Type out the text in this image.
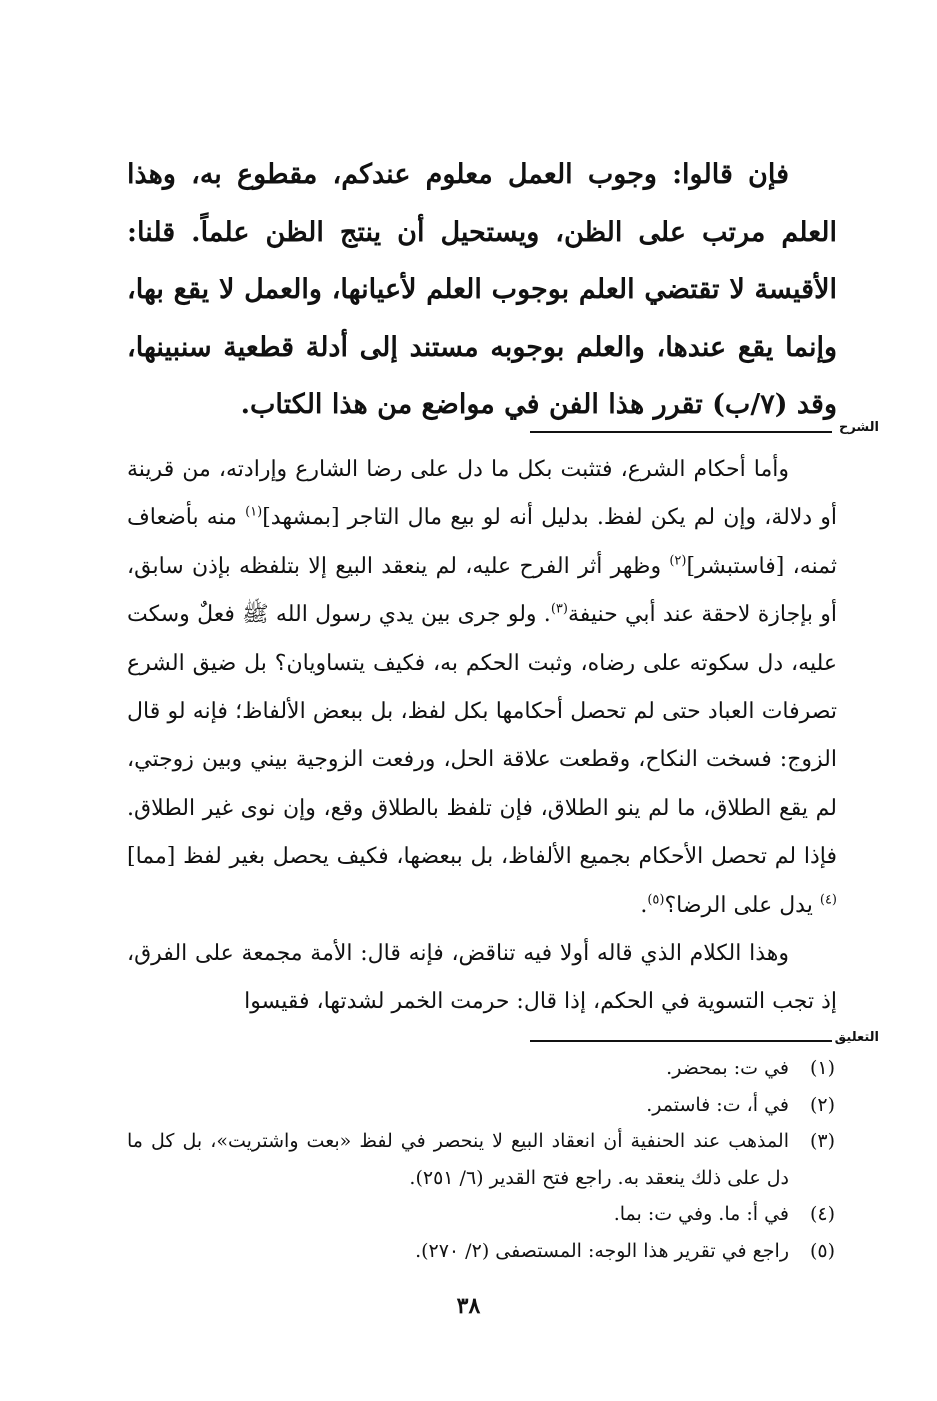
فإن قالوا: وجوب العمل معلوم عندكم، مقطوع به، وهذا العلم مرتب على الظن، ويستحيل أن ينتج الظن علماً. قلنا: الأقيسة لا تقتضي العلم بوجوب العلم لأعيانها، والعمل لا يقع بها، وإنما يقع عندها، والعلم بوجوبه مستند إلى أدلة قطعية سنبينها، وقد (٧/ب) تقرر هذا الفن في مواضع من هذا الكتاب.

الشرح

وأما أحكام الشرع، فتثبت بكل ما دل على رضا الشارع وإرادته، من قرينة أو دلالة، وإن لم يكن لفظ. بدليل أنه لو بيع مال التاجر [بمشهد]$^{(١)}$ منه بأضعاف ثمنه، [فاستبشر]$^{(٢)}$ وظهر أثر الفرح عليه، لم ينعقد البيع إلا بتلفظه بإذن سابق، أو بإجازة لاحقة عند أبي حنيفة$^{(٣)}$. ولو جرى بين يدي رسول الله ﷺ فعلٌ وسكت عليه، دل سكوته على رضاه، وثبت الحكم به، فكيف يتساويان؟ بل ضيق الشرع تصرفات العباد حتى لم تحصل أحكامها بكل لفظ، بل ببعض الألفاظ؛ فإنه لو قال الزوج: فسخت النكاح، وقطعت علاقة الحل، ورفعت الزوجية بيني وبين زوجتي، لم يقع الطلاق، ما لم ينو الطلاق، فإن تلفظ بالطلاق وقع، وإن نوى غير الطلاق. فإذا لم تحصل الأحكام بجميع الألفاظ، بل ببعضها، فكيف يحصل بغير لفظ [مما]$^{(٤)}$ يدل على الرضا؟$^{(٥)}$.

وهذا الكلام الذي قاله أولا فيه تناقض، فإنه قال: الأمة مجمعة على الفرق، إذ تجب التسوية في الحكم، إذا قال: حرمت الخمر لشدتها، فقيسوا

التعليق
(١)
في ت: بمحضر.
(٢)
في أ، ت: فاستمر.
(٣)
المذهب عند الحنفية أن انعقاد البيع لا ينحصر في لفظ «بعت واشتريت»، بل كل ما دل على ذلك ينعقد به. راجع فتح القدير (٦/ ٢٥١).
(٤)
في أ: ما. وفي ت: بما.
(٥)
راجع في تقرير هذا الوجه: المستصفى (٢/ ٢٧٠).
٣٨
